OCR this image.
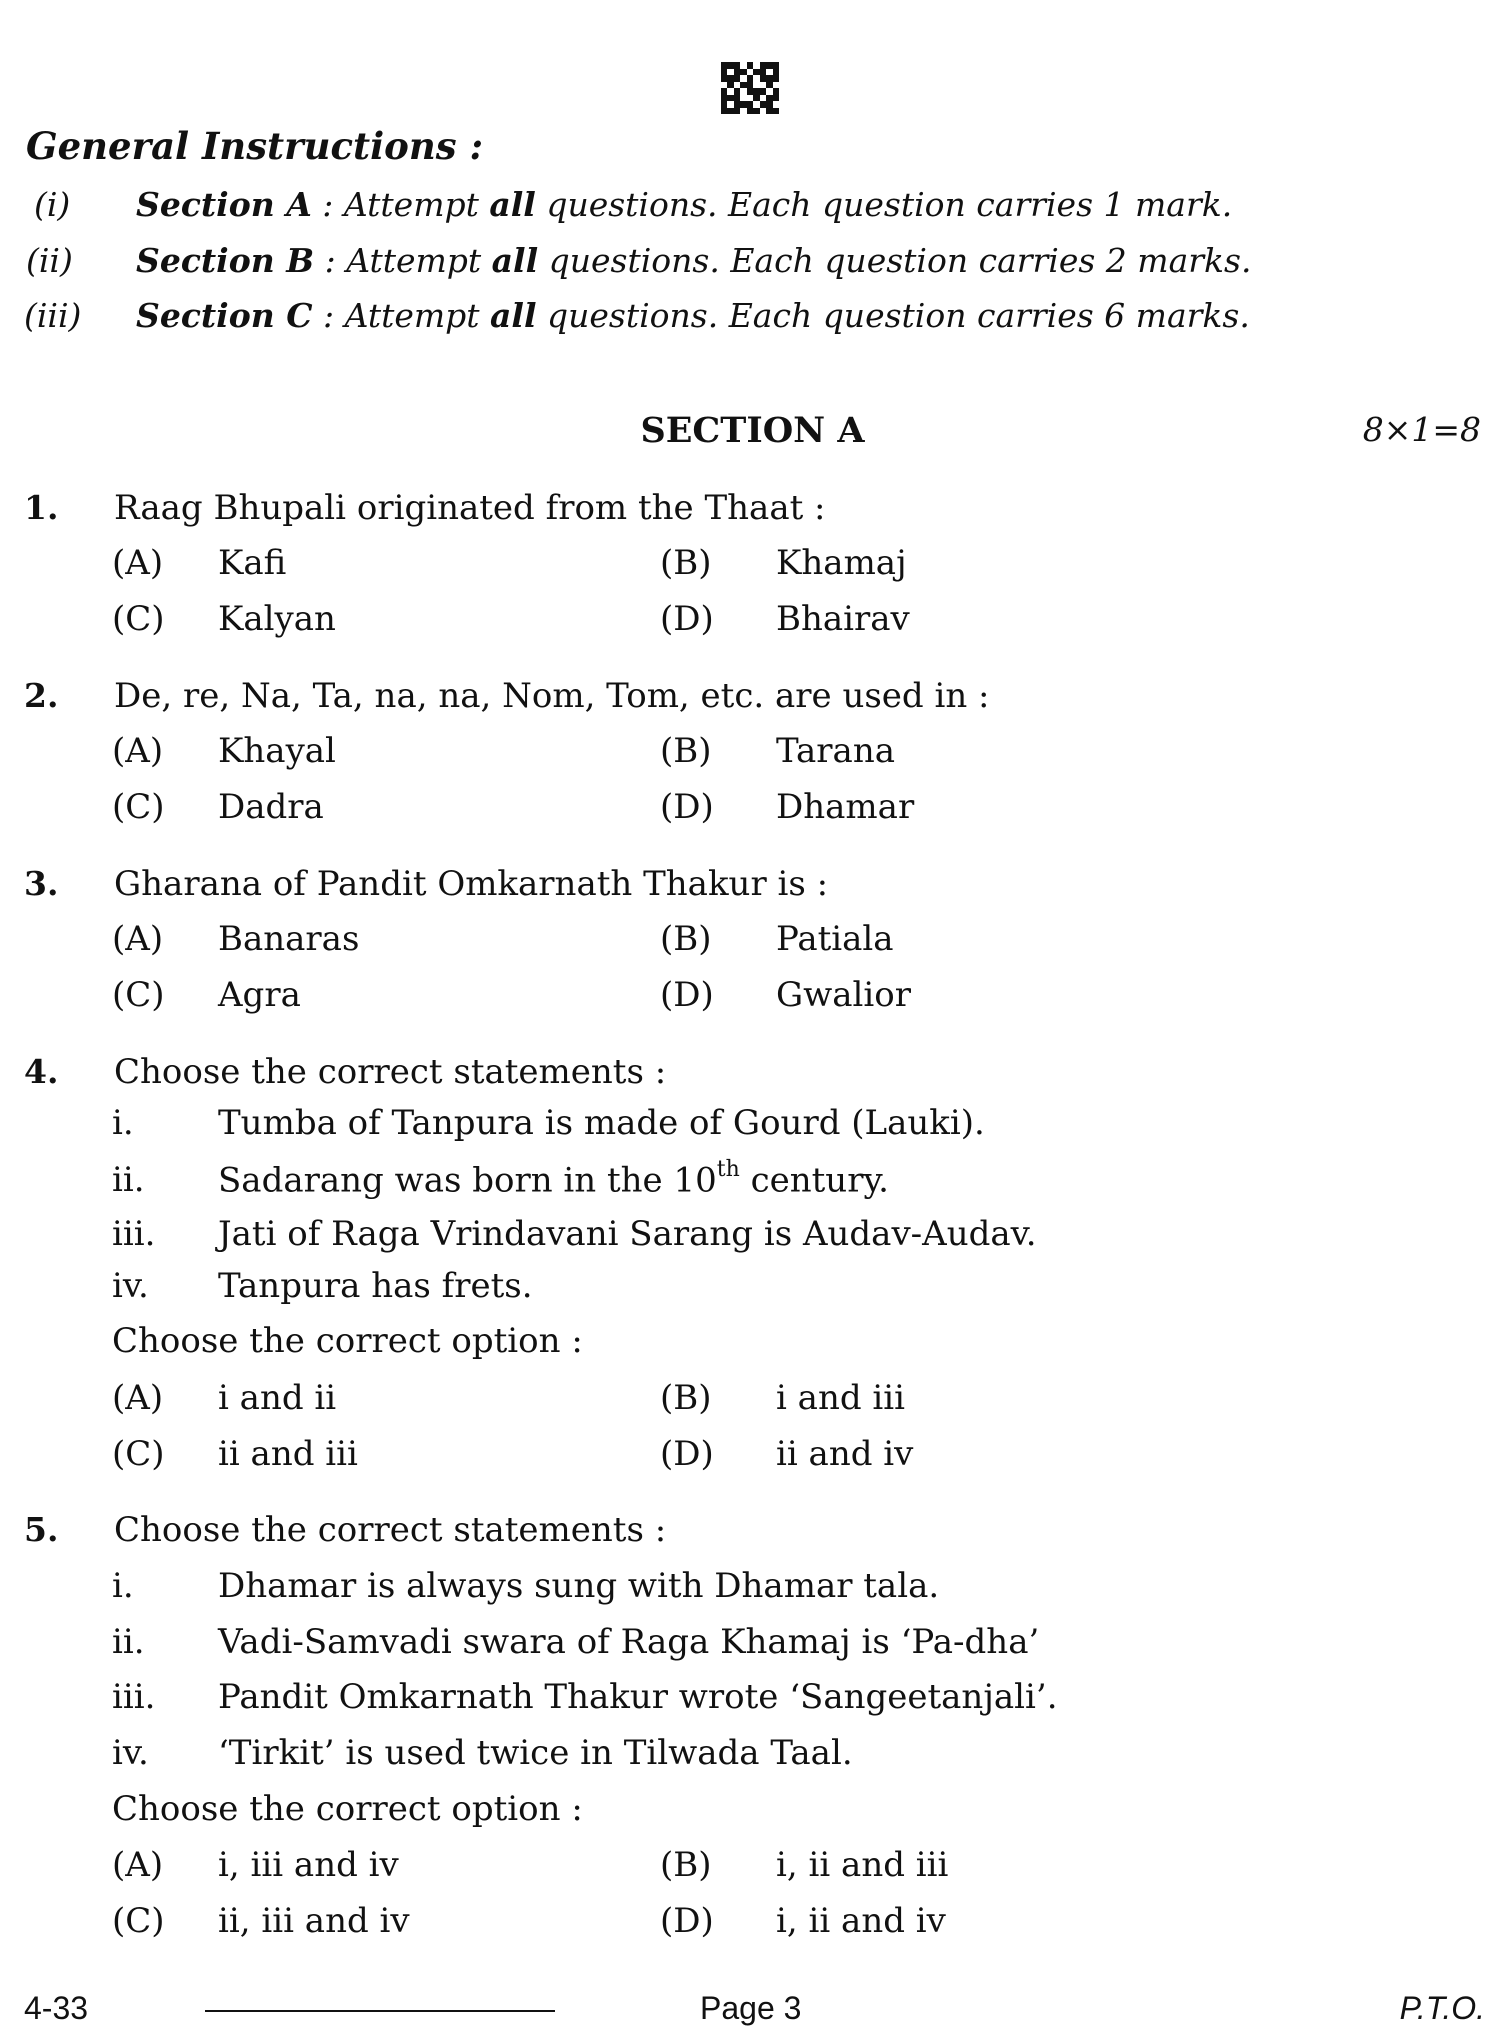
General Instructions :
(i) Section A : Attempt all questions. Each question carries 1 mark.
(ii) Section B : Attempt all questions. Each question carries 2 marks.
(iii) Section C : Attempt all questions. Each question carries 6 marks.
SECTION A	8×1=8
1. Raag Bhupali originated from the Thaat :
(A) Kafi	(B) Khamaj
(C) Kalyan	(D) Bhairav
2. De, re, Na, Ta, na, na, Nom, Tom, etc. are used in :
(A) Khayal	(B) Tarana
(C) Dadra	(D) Dhamar
3. Gharana of Pandit Omkarnath Thakur is :
(A) Banaras	(B) Patiala
(C) Agra	(D) Gwalior
4. Choose the correct statements :
i. Tumba of Tanpura is made of Gourd (Lauki).
ii. Sadarang was born in the 10th century.
iii. Jati of Raga Vrindavani Sarang is Audav-Audav.
iv. Tanpura has frets.
Choose the correct option :
(A) i and ii	(B) i and iii
(C) ii and iii	(D) ii and iv
5. Choose the correct statements :
i. Dhamar is always sung with Dhamar tala.
ii. Vadi-Samvadi swara of Raga Khamaj is ‘Pa-dha’
iii. Pandit Omkarnath Thakur wrote ‘Sangeetanjali’.
iv. ‘Tirkit’ is used twice in Tilwada Taal.
Choose the correct option :
(A) i, iii and iv	(B) i, ii and iii
(C) ii, iii and iv	(D) i, ii and iv
4-33	Page 3	P.T.O.
